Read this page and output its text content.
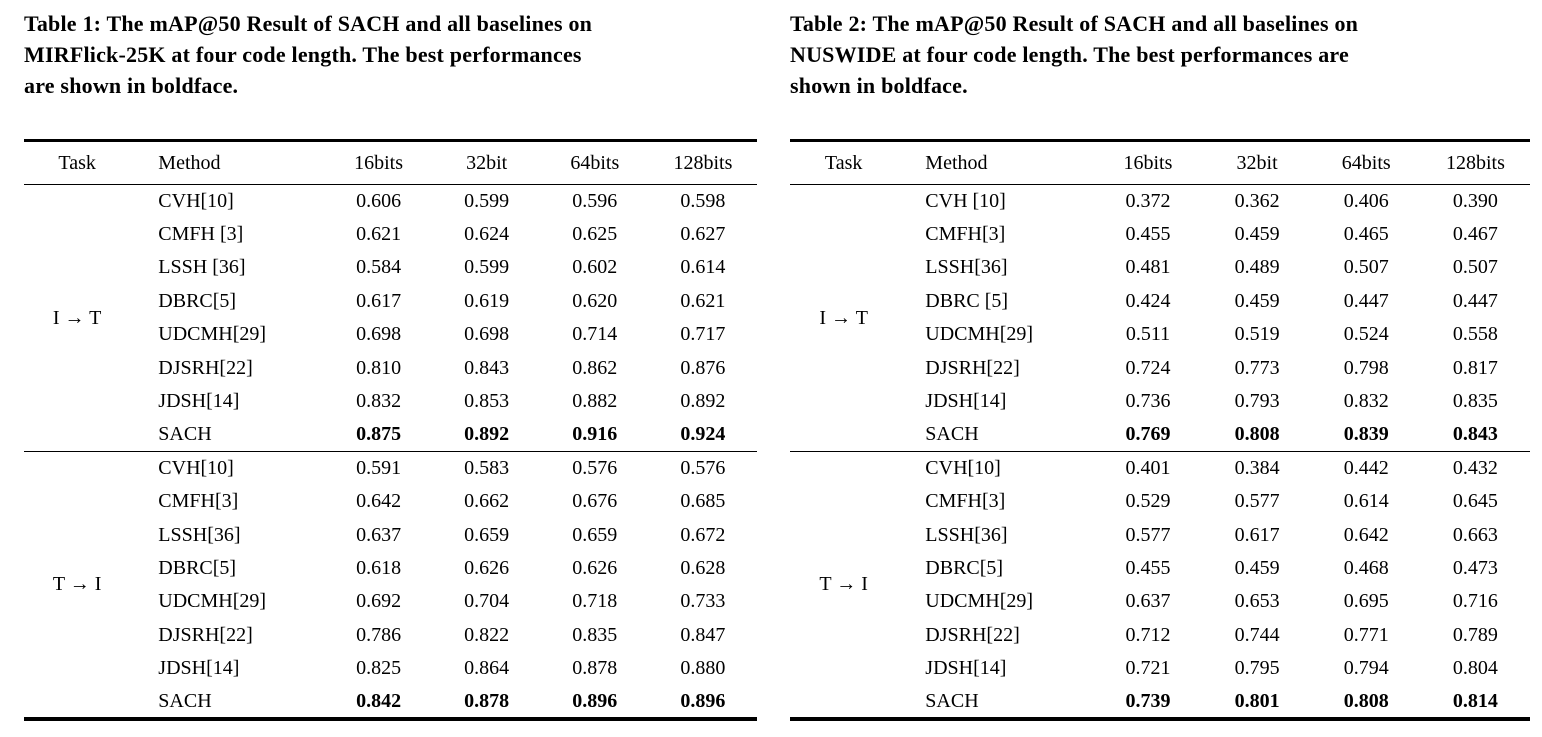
Table 1: The mAP@50 Result of SACH and all baselines on
MIRFlick-25K at four code length. The best performances
are shown in boldface.
Task	Method	16bits	32bit	64bits	128bits
I → T	CVH[10]	0.606	0.599	0.596	0.598
	CMFH [3]	0.621	0.624	0.625	0.627
	LSSH [36]	0.584	0.599	0.602	0.614
	DBRC[5]	0.617	0.619	0.620	0.621
	UDCMH[29]	0.698	0.698	0.714	0.717
	DJSRH[22]	0.810	0.843	0.862	0.876
	JDSH[14]	0.832	0.853	0.882	0.892
	SACH	0.875	0.892	0.916	0.924
T → I	CVH[10]	0.591	0.583	0.576	0.576
	CMFH[3]	0.642	0.662	0.676	0.685
	LSSH[36]	0.637	0.659	0.659	0.672
	DBRC[5]	0.618	0.626	0.626	0.628
	UDCMH[29]	0.692	0.704	0.718	0.733
	DJSRH[22]	0.786	0.822	0.835	0.847
	JDSH[14]	0.825	0.864	0.878	0.880
	SACH	0.842	0.878	0.896	0.896
Table 2: The mAP@50 Result of SACH and all baselines on
NUSWIDE at four code length. The best performances are
shown in boldface.
Task	Method	16bits	32bit	64bits	128bits
I → T	CVH [10]	0.372	0.362	0.406	0.390
	CMFH[3]	0.455	0.459	0.465	0.467
	LSSH[36]	0.481	0.489	0.507	0.507
	DBRC [5]	0.424	0.459	0.447	0.447
	UDCMH[29]	0.511	0.519	0.524	0.558
	DJSRH[22]	0.724	0.773	0.798	0.817
	JDSH[14]	0.736	0.793	0.832	0.835
	SACH	0.769	0.808	0.839	0.843
T → I	CVH[10]	0.401	0.384	0.442	0.432
	CMFH[3]	0.529	0.577	0.614	0.645
	LSSH[36]	0.577	0.617	0.642	0.663
	DBRC[5]	0.455	0.459	0.468	0.473
	UDCMH[29]	0.637	0.653	0.695	0.716
	DJSRH[22]	0.712	0.744	0.771	0.789
	JDSH[14]	0.721	0.795	0.794	0.804
	SACH	0.739	0.801	0.808	0.814
